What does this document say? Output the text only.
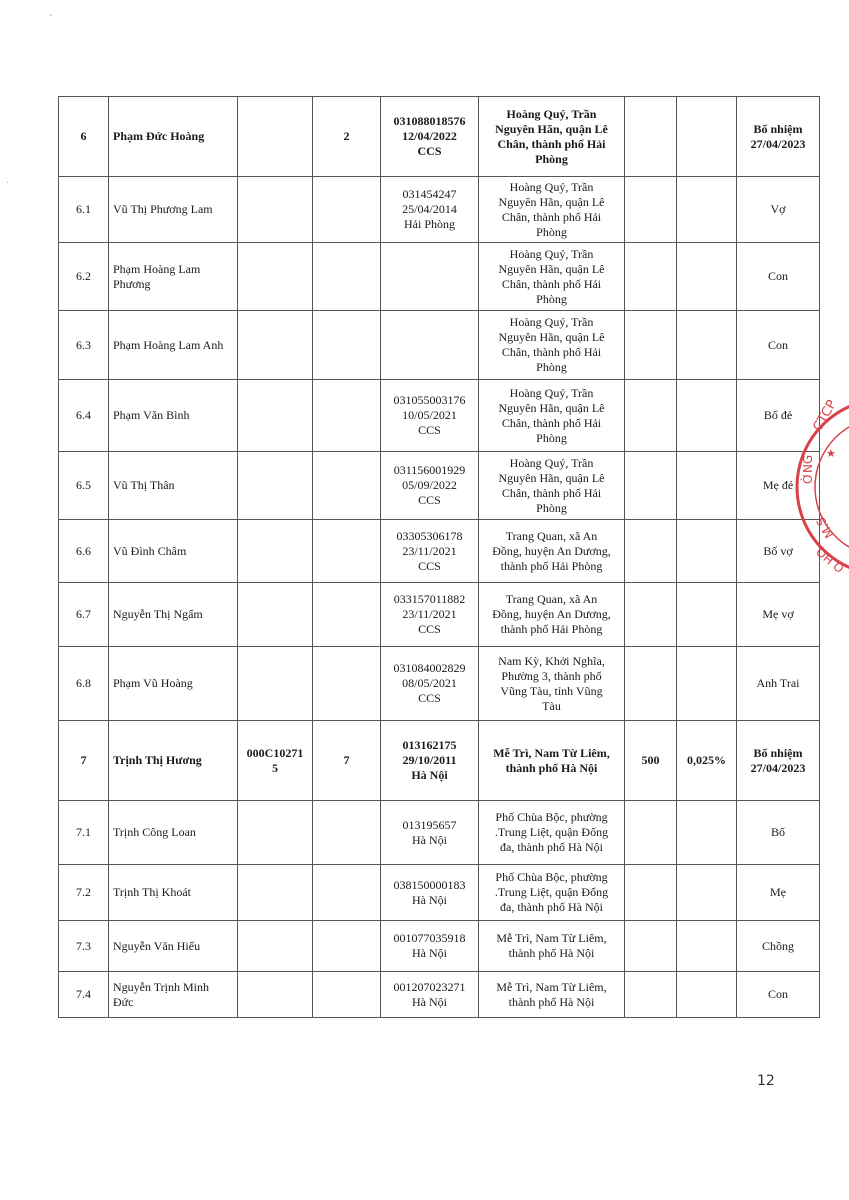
˜
·
6	Phạm Đức Hoàng		2	031088018576
12/04/2022
CCS	Hoàng Quý, Trần
Nguyên Hãn, quận Lê
Chân, thành phố Hải
Phòng			Bổ nhiệm
27/04/2023

6.1	Vũ Thị Phương Lam			031454247
25/04/2014
Hải Phòng	Hoàng Quý, Trần
Nguyên Hãn, quận Lê
Chân, thành phố Hải
Phòng			Vợ

6.2	Phạm Hoàng Lam
Phương				Hoàng Quý, Trần
Nguyên Hãn, quận Lê
Chân, thành phố Hải
Phòng			Con

6.3	Phạm Hoàng Lam Anh				Hoàng Quý, Trần
Nguyên Hãn, quận Lê
Chân, thành phố Hải
Phòng			Con

6.4	Phạm Văn Bình			031055003176
10/05/2021
CCS	Hoàng Quý, Trần
Nguyên Hãn, quận Lê
Chân, thành phố Hải
Phòng			Bố đẻ

6.5	Vũ Thị Thân			031156001929
05/09/2022
CCS	Hoàng Quý, Trần
Nguyên Hãn, quận Lê
Chân, thành phố Hải
Phòng			Mẹ đẻ

6.6	Vũ Đình Châm			03305306178
23/11/2021
CCS	Trang Quan, xã An
Đồng, huyện An Dương,
thành phố Hải Phòng			Bố vợ

6.7	Nguyễn Thị Ngấm			033157011882
23/11/2021
CCS	Trang Quan, xã An
Đồng, huyện An Dương,
thành phố Hải Phòng			Mẹ vợ

6.8	Phạm Vũ Hoàng			031084002829
08/05/2021
CCS	Nam Kỳ, Khởi Nghĩa,
Phường 3, thành phố
Vũng Tàu, tỉnh Vũng
Tàu			Anh Trai

7	Trịnh Thị Hương	000C10271
5	7	013162175
29/10/2011
Hà Nội	Mễ Trì, Nam Từ Liêm,
thành phố Hà Nội	500	0,025%	Bổ nhiệm
27/04/2023

7.1	Trịnh Công Loan			013195657
Hà Nội	Phố Chùa Bộc, phường
.Trung Liệt, quận Đống
đa, thành phố Hà Nội			Bố

7.2	Trịnh Thị Khoát			038150000183
Hà Nội	Phố Chùa Bộc, phường
.Trung Liệt, quận Đống
đa, thành phố Hà Nội			Mẹ

7.3	Nguyễn Văn Hiếu			001077035918
Hà Nội	Mễ Trì, Nam Từ Liêm,
thành phố Hà Nội			Chồng

7.4	Nguyễn Trịnh Minh
Đức			001207023271
Hà Nội	Mễ Trì, Nam Từ Liêm,
thành phố Hà Nội			Con
CTCP
ỜNG
M.S
Q.HO
★
12
